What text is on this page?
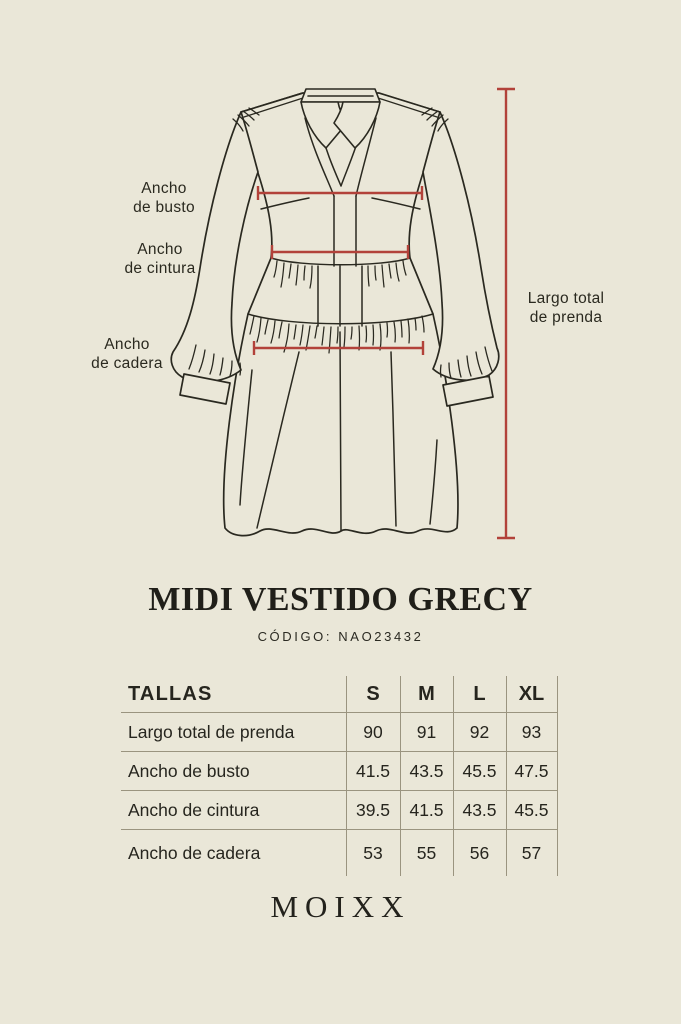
Ancho
de busto
Ancho
de cintura
Ancho
de cadera
Largo total
de prenda
MIDI VESTIDO GRECY
CÓDIGO: NAO23432
TALLAS	S	M	L	XL
Largo total de prenda	90	91	92	93
Ancho de busto	41.5	43.5	45.5	47.5
Ancho de cintura	39.5	41.5	43.5	45.5
Ancho de cadera	53	55	56	57
MOIXX
